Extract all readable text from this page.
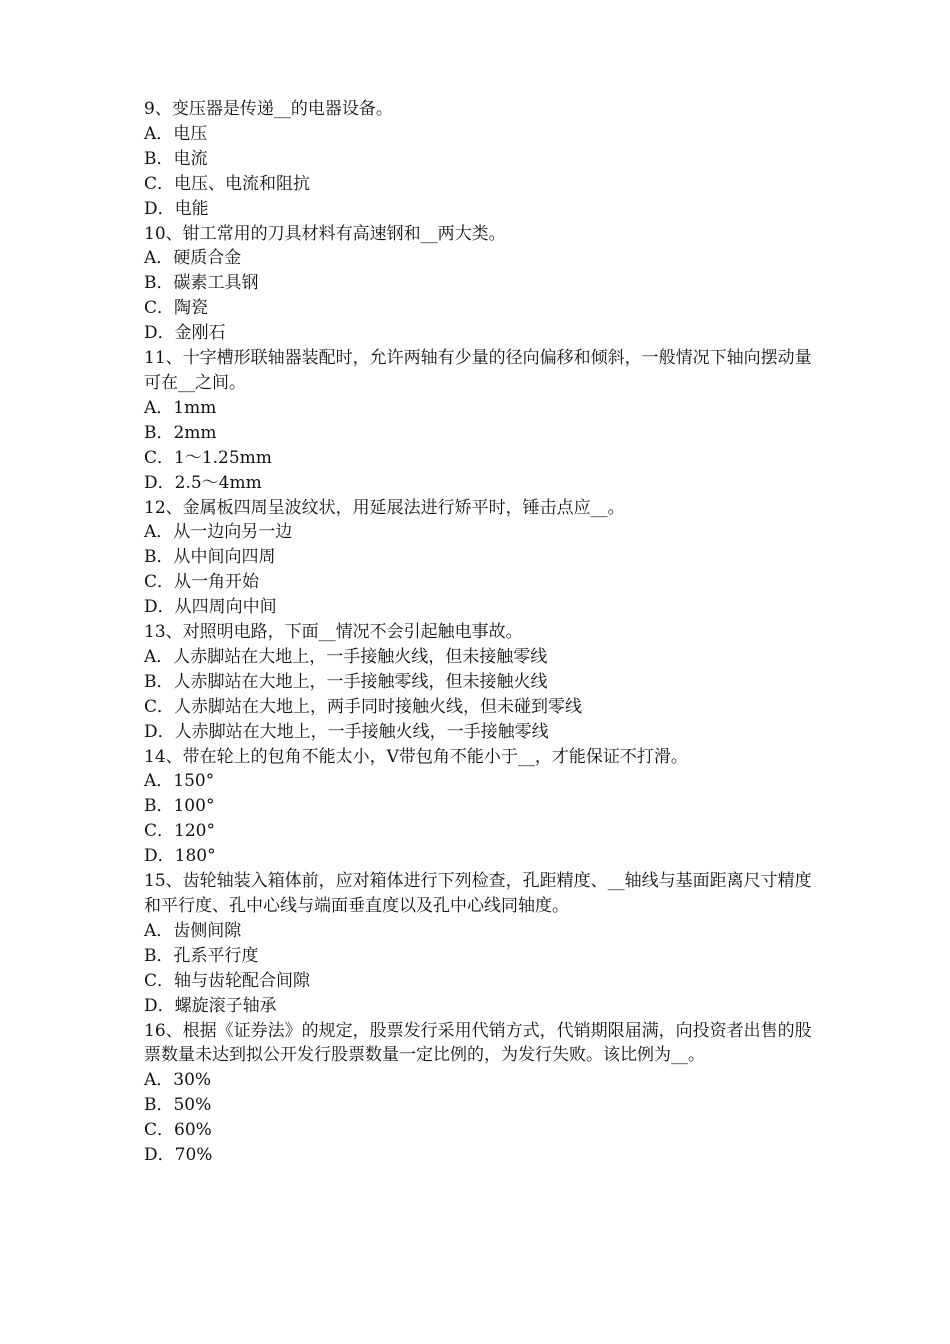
9、变压器是传递__的电器设备。

A．电压

B．电流

C．电压、电流和阻抗

D．电能

10、钳工常用的刀具材料有高速钢和__两大类。

A．硬质合金

B．碳素工具钢

C．陶瓷

D．金刚石

11、十字槽形联轴器装配时，允许两轴有少量的径向偏移和倾斜，一般情况下轴向摆动量可在__之间。

A．1mm

B．2mm

C．1～1.25mm

D．2.5～4mm

12、金属板四周呈波纹状，用延展法进行矫平时，锤击点应__。

A．从一边向另一边

B．从中间向四周

C．从一角开始

D．从四周向中间

13、对照明电路，下面__情况不会引起触电事故。

A．人赤脚站在大地上，一手接触火线，但未接触零线

B．人赤脚站在大地上，一手接触零线，但未接触火线

C．人赤脚站在大地上，两手同时接触火线，但未碰到零线

D．人赤脚站在大地上，一手接触火线，一手接触零线

14、带在轮上的包角不能太小，V带包角不能小于__，才能保证不打滑。

A．150°

B．100°

C．120°

D．180°

15、齿轮轴装入箱体前，应对箱体进行下列检查，孔距精度、__轴线与基面距离尺寸精度和平行度、孔中心线与端面垂直度以及孔中心线同轴度。

A．齿侧间隙

B．孔系平行度

C．轴与齿轮配合间隙

D．螺旋滚子轴承

16、根据《证券法》的规定，股票发行采用代销方式，代销期限届满，向投资者出售的股票数量未达到拟公开发行股票数量一定比例的，为发行失败。该比例为__。

A．30%

B．50%

C．60%

D．70%
